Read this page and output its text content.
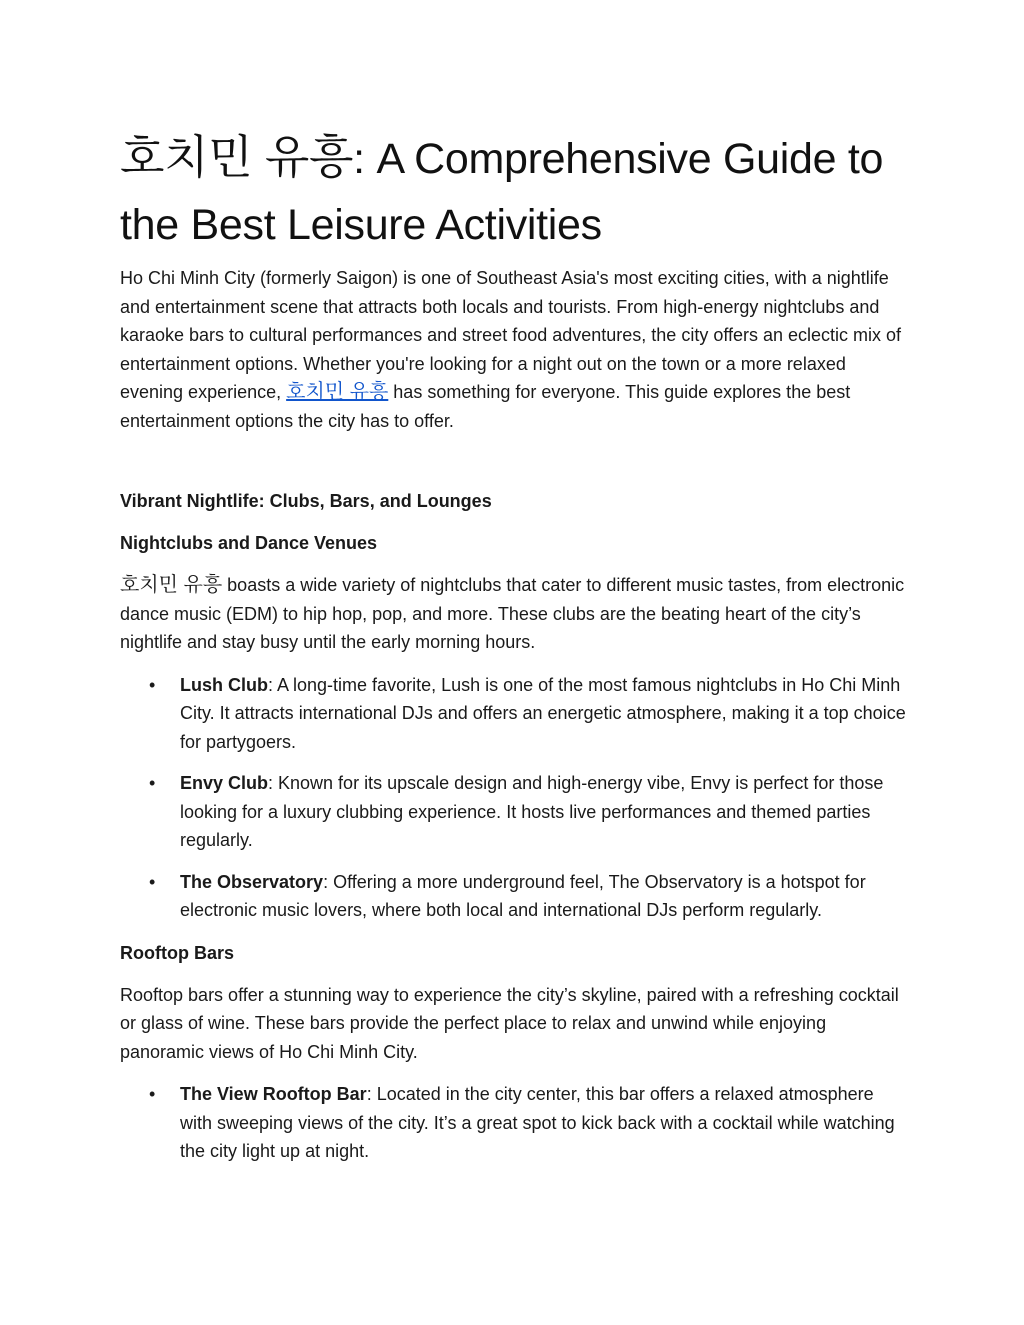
호치민 유흥: A Comprehensive Guide to the Best Leisure Activities

Ho Chi Minh City (formerly Saigon) is one of Southeast Asia's most exciting cities, with a nightlife and entertainment scene that attracts both locals and tourists. From high-energy nightclubs and karaoke bars to cultural performances and street food adventures, the city offers an eclectic mix of entertainment options. Whether you're looking for a night out on the town or a more relaxed evening experience, 호치민 유흥 has something for everyone. This guide explores the best entertainment options the city has to offer.

Vibrant Nightlife: Clubs, Bars, and Lounges
Nightclubs and Dance Venues

호치민 유흥 boasts a wide variety of nightclubs that cater to different music tastes, from electronic dance music (EDM) to hip hop, pop, and more. These clubs are the beating heart of the city’s nightlife and stay busy until the early morning hours.

• Lush Club: A long-time favorite, Lush is one of the most famous nightclubs in Ho Chi Minh City. It attracts international DJs and offers an energetic atmosphere, making it a top choice for partygoers.
• Envy Club: Known for its upscale design and high-energy vibe, Envy is perfect for those looking for a luxury clubbing experience. It hosts live performances and themed parties regularly.
• The Observatory: Offering a more underground feel, The Observatory is a hotspot for electronic music lovers, where both local and international DJs perform regularly.
Rooftop Bars

Rooftop bars offer a stunning way to experience the city’s skyline, paired with a refreshing cocktail or glass of wine. These bars provide the perfect place to relax and unwind while enjoying panoramic views of Ho Chi Minh City.

• The View Rooftop Bar: Located in the city center, this bar offers a relaxed atmosphere with sweeping views of the city. It’s a great spot to kick back with a cocktail while watching the city light up at night.
